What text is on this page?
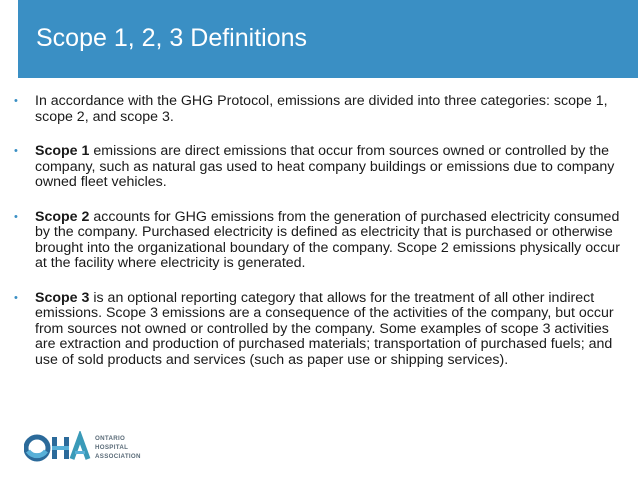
Scope 1, 2, 3 Definitions
• In accordance with the GHG Protocol, emissions are divided into three categories: scope 1, scope 2, and scope 3.
• Scope 1 emissions are direct emissions that occur from sources owned or controlled by the company, such as natural gas used to heat company buildings or emissions due to company owned fleet vehicles.
• Scope 2 accounts for GHG emissions from the generation of purchased electricity consumed by the company. Purchased electricity is defined as electricity that is purchased or otherwise brought into the organizational boundary of the company. Scope 2 emissions physically occur at the facility where electricity is generated.
• Scope 3 is an optional reporting category that allows for the treatment of all other indirect emissions. Scope 3 emissions are a consequence of the activities of the company, but occur from sources not owned or controlled by the company. Some examples of scope 3 activities are extraction and production of purchased materials; transportation of purchased fuels; and use of sold products and services (such as paper use or shipping services).
ONTARIO
HOSPITAL
ASSOCIATION
